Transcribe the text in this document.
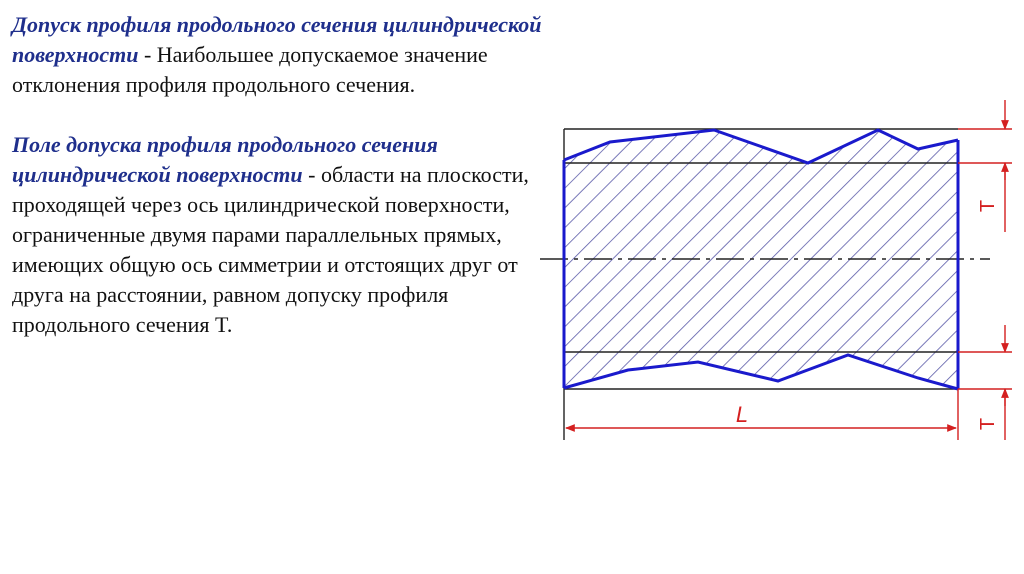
Допуск профиля продольного сечения цилиндрической поверхности - Наибольшее допускаемое значение отклонения профиля продольного сечения.

Поле допуска профиля продольного сечения цилиндрической поверхности - области на плоскости, проходящей через ось цилиндрической поверхности, ограниченные двумя парами параллельных прямых, имеющих общую ось симметрии и отстоящих друг от друга на расстоянии, равном допуску профиля продольного сечения T.

T
T
L
